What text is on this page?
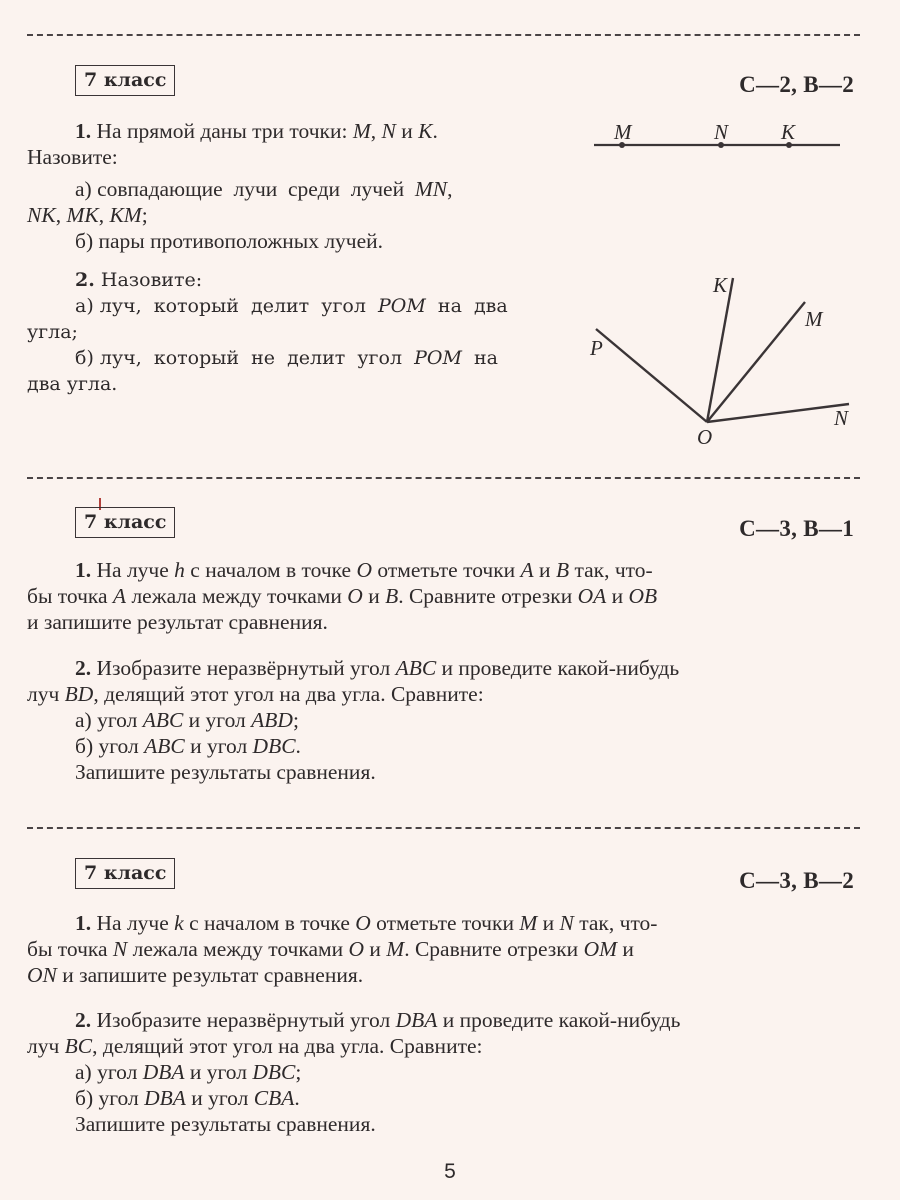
7 класс	С—2, В—2
1. На прямой даны три точки: M, N и K.
Назовите:
а) совпадающие  лучи  среди  лучей  MN,
NK, MK, KM;
б) пары противоположных лучей.
2. Назовите:
а) луч,  который  делит  угол  POM  на  два
угла;
б) луч,  который  не  делит  угол  POM  на
два угла.
M	N	K
P
K
M
N
O
7 класс	С—3, В—1
1. На луче h с началом в точке O отметьте точки A и B так, что-
бы точка A лежала между точками O и B. Сравните отрезки OA и OB
и запишите результат сравнения.
2. Изобразите неразвёрнутый угол ABC и проведите какой-нибудь
луч BD, делящий этот угол на два угла. Сравните:
а) угол ABC и угол ABD;
б) угол ABC и угол DBC.
Запишите результаты сравнения.
7 класс	С—3, В—2
1. На луче k с началом в точке O отметьте точки M и N так, что-
бы точка N лежала между точками O и M. Сравните отрезки OM и
ON и запишите результат сравнения.
2. Изобразите неразвёрнутый угол DBA и проведите какой-нибудь
луч BC, делящий этот угол на два угла. Сравните:
а) угол DBA и угол DBC;
б) угол DBA и угол CBA.
Запишите результаты сравнения.
5
